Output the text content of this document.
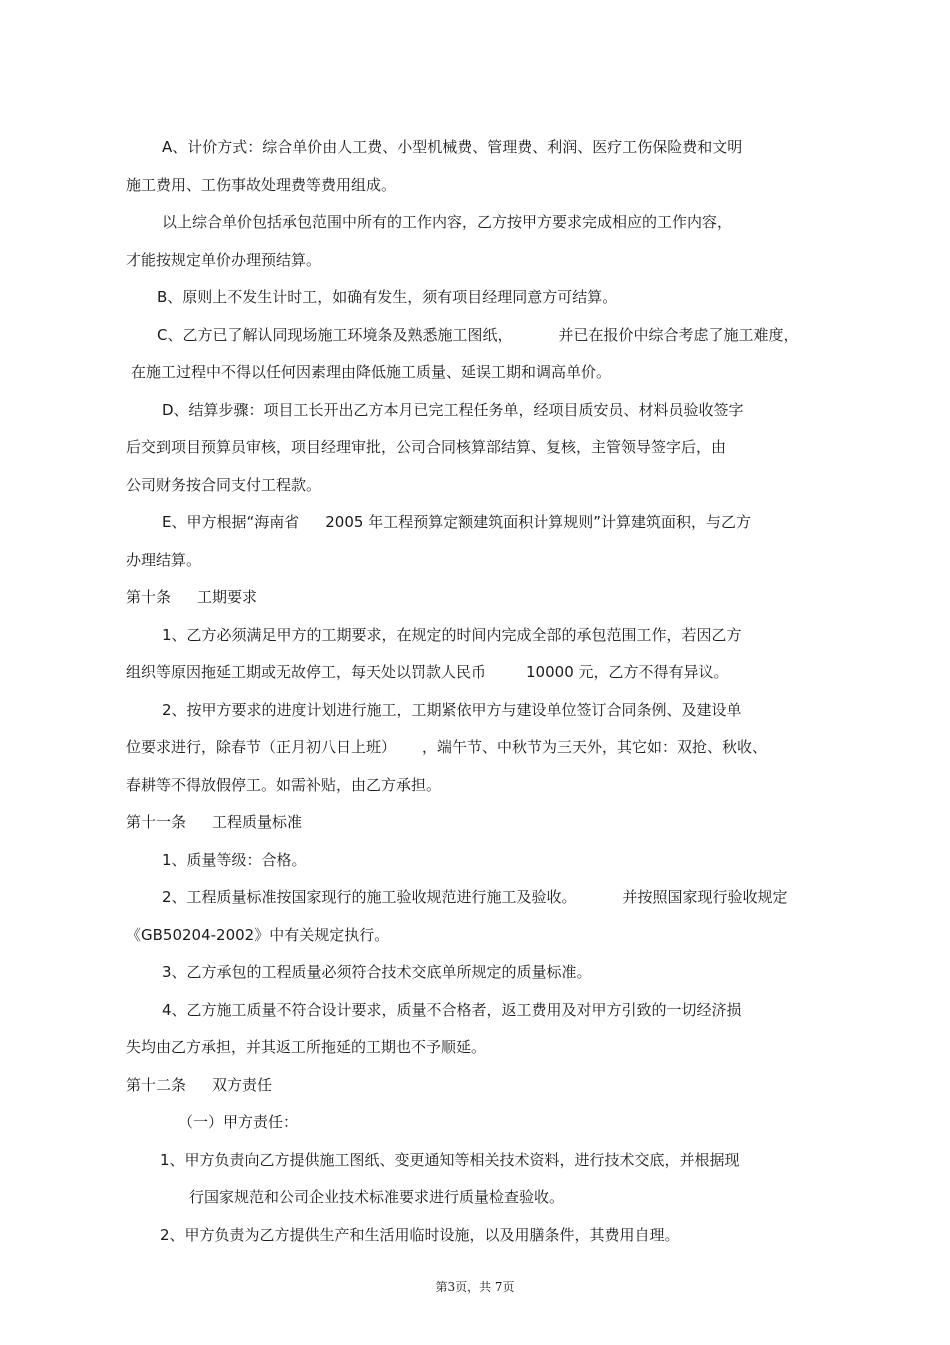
A、计价方式：综合单价由人工费、小型机械费、管理费、利润、医疗工伤保险费和文明
施工费用、工伤事故处理费等费用组成。
以上综合单价包括承包范围中所有的工作内容，乙方按甲方要求完成相应的工作内容，
才能按规定单价办理预结算。
B、原则上不发生计时工，如确有发生，须有项目经理同意方可结算。
C、乙方已了解认同现场施工环境条及熟悉施工图纸，	并已在报价中综合考虑了施工难度，
在施工过程中不得以任何因素理由降低施工质量、延误工期和调高单价。
D、结算步骤：项目工长开出乙方本月已完工程任务单，经项目质安员、材料员验收签字
后交到项目预算员审核，项目经理审批，公司合同核算部结算、复核，主管领导签字后，由
公司财务按合同支付工程款。
E、甲方根据“海南省 2005 年工程预算定额建筑面积计算规则”计算建筑面积，与乙方
办理结算。
第十条 工期要求
1、乙方必须满足甲方的工期要求，在规定的时间内完成全部的承包范围工作，若因乙方
组织等原因拖延工期或无故停工，每天处以罚款人民币	10000 元，乙方不得有异议。
2、按甲方要求的进度计划进行施工，工期紧依甲方与建设单位签订合同条例、及建设单
位要求进行，除春节（正月初八日上班） ，端午节、中秋节为三天外，其它如：双抢、秋收、
春耕等不得放假停工。如需补贴，由乙方承担。
第十一条 工程质量标准
1、质量等级：合格。
2、工程质量标准按国家现行的施工验收规范进行施工及验收。	并按照国家现行验收规定
《GB50204-2002》中有关规定执行。
3、乙方承包的工程质量必须符合技术交底单所规定的质量标准。
4、乙方施工质量不符合设计要求，质量不合格者，返工费用及对甲方引致的一切经济损
失均由乙方承担，并其返工所拖延的工期也不予顺延。
第十二条 双方责任
（一）甲方责任：
1、甲方负责向乙方提供施工图纸、变更通知等相关技术资料，进行技术交底，并根据现
行国家规范和公司企业技术标准要求进行质量检查验收。
2、甲方负责为乙方提供生产和生活用临时设施，以及用膳条件，其费用自理。
第3页，共 7页
